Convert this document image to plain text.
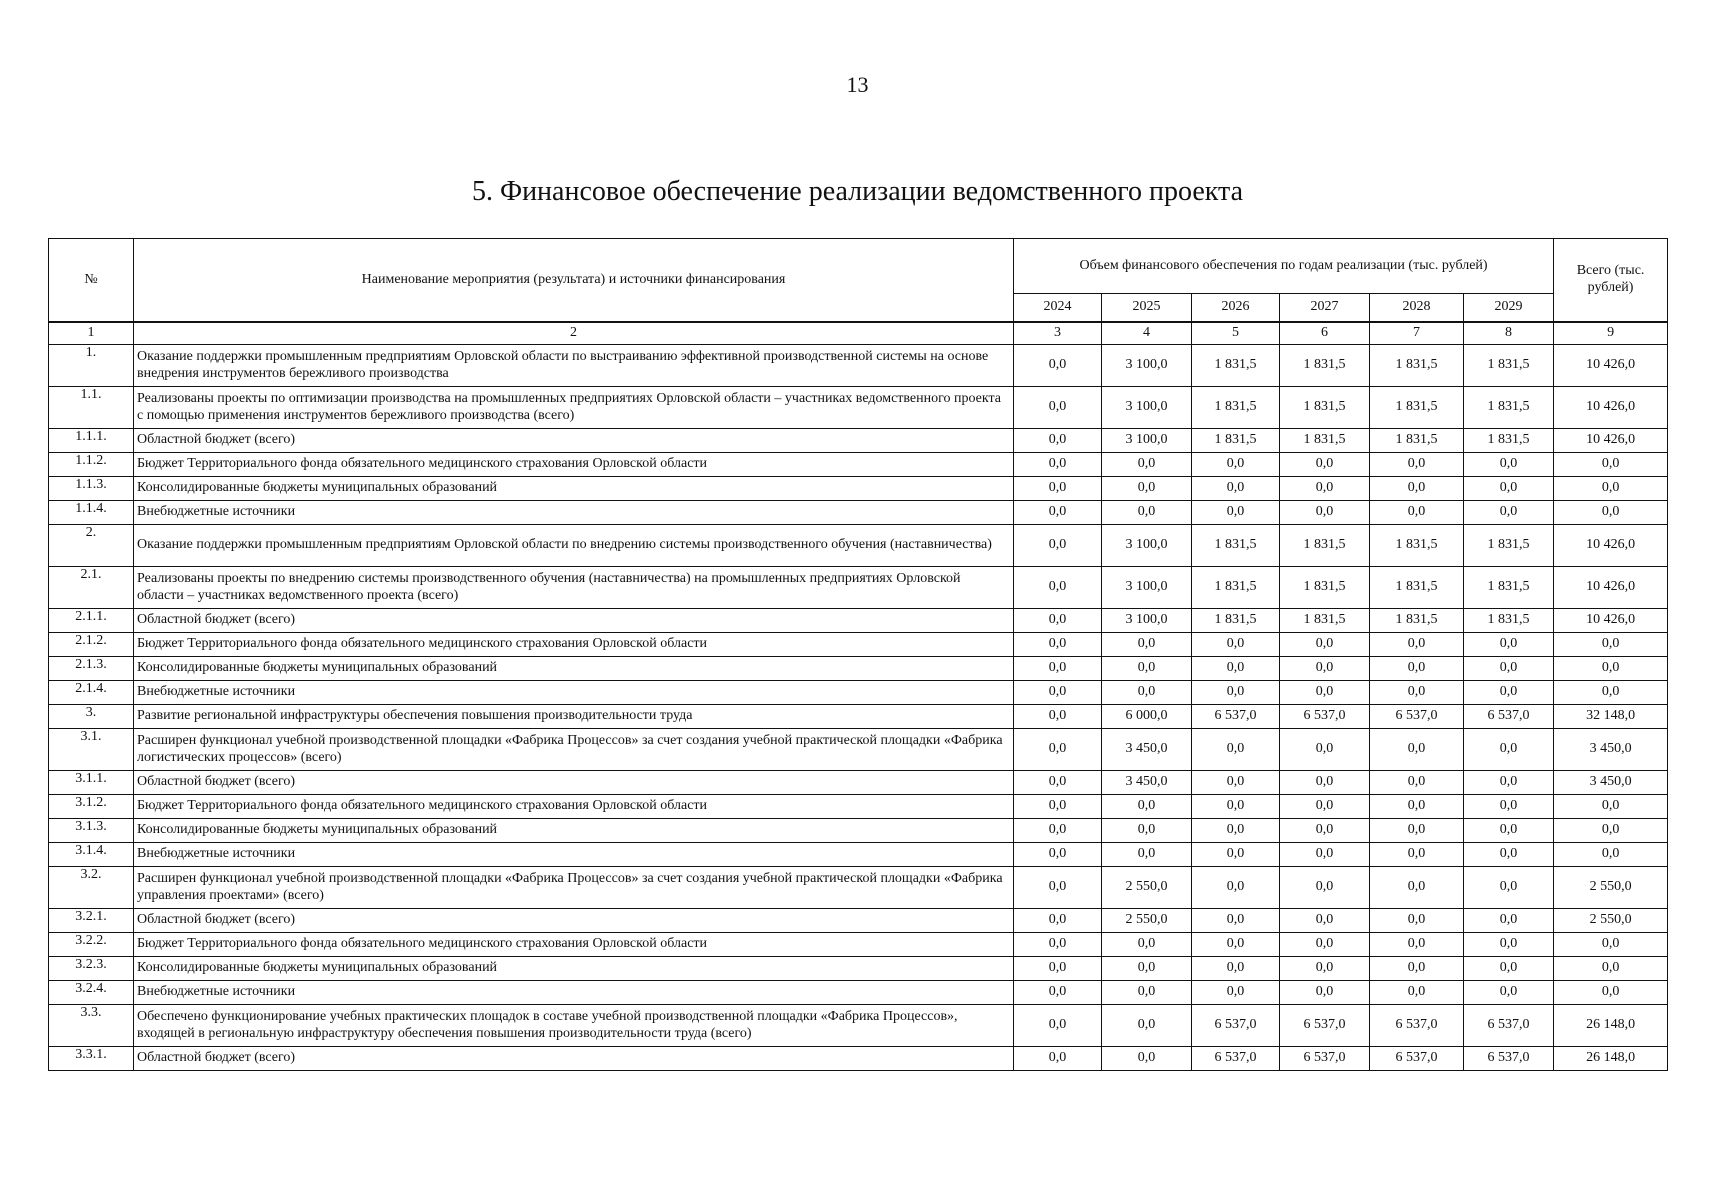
13
5. Финансовое обеспечение реализации ведомственного проекта
№	Наименование мероприятия (результата) и источники финансирования	Объем финансового обеспечения по годам реализации (тыс. рублей)						Всего (тыс. рублей)
		2024	2025	2026	2027	2028	2029	
1	2	3	4	5	6	7	8	9
1.	Оказание поддержки промышленным предприятиям Орловской области по выстраиванию эффективной производственной системы на основе внедрения инструментов бережливого производства	0,0	3 100,0	1 831,5	1 831,5	1 831,5	1 831,5	10 426,0
1.1.	Реализованы проекты по оптимизации производства на промышленных предприятиях Орловской области – участниках ведомственного проекта с помощью применения инструментов бережливого производства (всего)	0,0	3 100,0	1 831,5	1 831,5	1 831,5	1 831,5	10 426,0
1.1.1.	Областной бюджет (всего)	0,0	3 100,0	1 831,5	1 831,5	1 831,5	1 831,5	10 426,0
1.1.2.	Бюджет Территориального фонда обязательного медицинского страхования Орловской области	0,0	0,0	0,0	0,0	0,0	0,0	0,0
1.1.3.	Консолидированные бюджеты муниципальных образований	0,0	0,0	0,0	0,0	0,0	0,0	0,0
1.1.4.	Внебюджетные источники	0,0	0,0	0,0	0,0	0,0	0,0	0,0
2.	Оказание поддержки промышленным предприятиям Орловской области по внедрению системы производственного обучения (наставничества)	0,0	3 100,0	1 831,5	1 831,5	1 831,5	1 831,5	10 426,0
2.1.	Реализованы проекты по внедрению системы производственного обучения (наставничества) на промышленных предприятиях Орловской области – участниках ведомственного проекта (всего)	0,0	3 100,0	1 831,5	1 831,5	1 831,5	1 831,5	10 426,0
2.1.1.	Областной бюджет (всего)	0,0	3 100,0	1 831,5	1 831,5	1 831,5	1 831,5	10 426,0
2.1.2.	Бюджет Территориального фонда обязательного медицинского страхования Орловской области	0,0	0,0	0,0	0,0	0,0	0,0	0,0
2.1.3.	Консолидированные бюджеты муниципальных образований	0,0	0,0	0,0	0,0	0,0	0,0	0,0
2.1.4.	Внебюджетные источники	0,0	0,0	0,0	0,0	0,0	0,0	0,0
3.	Развитие региональной инфраструктуры обеспечения повышения производительности труда	0,0	6 000,0	6 537,0	6 537,0	6 537,0	6 537,0	32 148,0
3.1.	Расширен функционал учебной производственной площадки «Фабрика Процессов» за счет создания учебной практической площадки «Фабрика логистических процессов» (всего)	0,0	3 450,0	0,0	0,0	0,0	0,0	3 450,0
3.1.1.	Областной бюджет (всего)	0,0	3 450,0	0,0	0,0	0,0	0,0	3 450,0
3.1.2.	Бюджет Территориального фонда обязательного медицинского страхования Орловской области	0,0	0,0	0,0	0,0	0,0	0,0	0,0
3.1.3.	Консолидированные бюджеты муниципальных образований	0,0	0,0	0,0	0,0	0,0	0,0	0,0
3.1.4.	Внебюджетные источники	0,0	0,0	0,0	0,0	0,0	0,0	0,0
3.2.	Расширен функционал учебной производственной площадки «Фабрика Процессов» за счет создания учебной практической площадки «Фабрика управления проектами» (всего)	0,0	2 550,0	0,0	0,0	0,0	0,0	2 550,0
3.2.1.	Областной бюджет (всего)	0,0	2 550,0	0,0	0,0	0,0	0,0	2 550,0
3.2.2.	Бюджет Территориального фонда обязательного медицинского страхования Орловской области	0,0	0,0	0,0	0,0	0,0	0,0	0,0
3.2.3.	Консолидированные бюджеты муниципальных образований	0,0	0,0	0,0	0,0	0,0	0,0	0,0
3.2.4.	Внебюджетные источники	0,0	0,0	0,0	0,0	0,0	0,0	0,0
3.3.	Обеспечено функционирование учебных практических площадок в составе учебной производственной площадки «Фабрика Процессов», входящей в региональную инфраструктуру обеспечения повышения производительности труда (всего)	0,0	0,0	6 537,0	6 537,0	6 537,0	6 537,0	26 148,0
3.3.1.	Областной бюджет (всего)	0,0	0,0	6 537,0	6 537,0	6 537,0	6 537,0	26 148,0
